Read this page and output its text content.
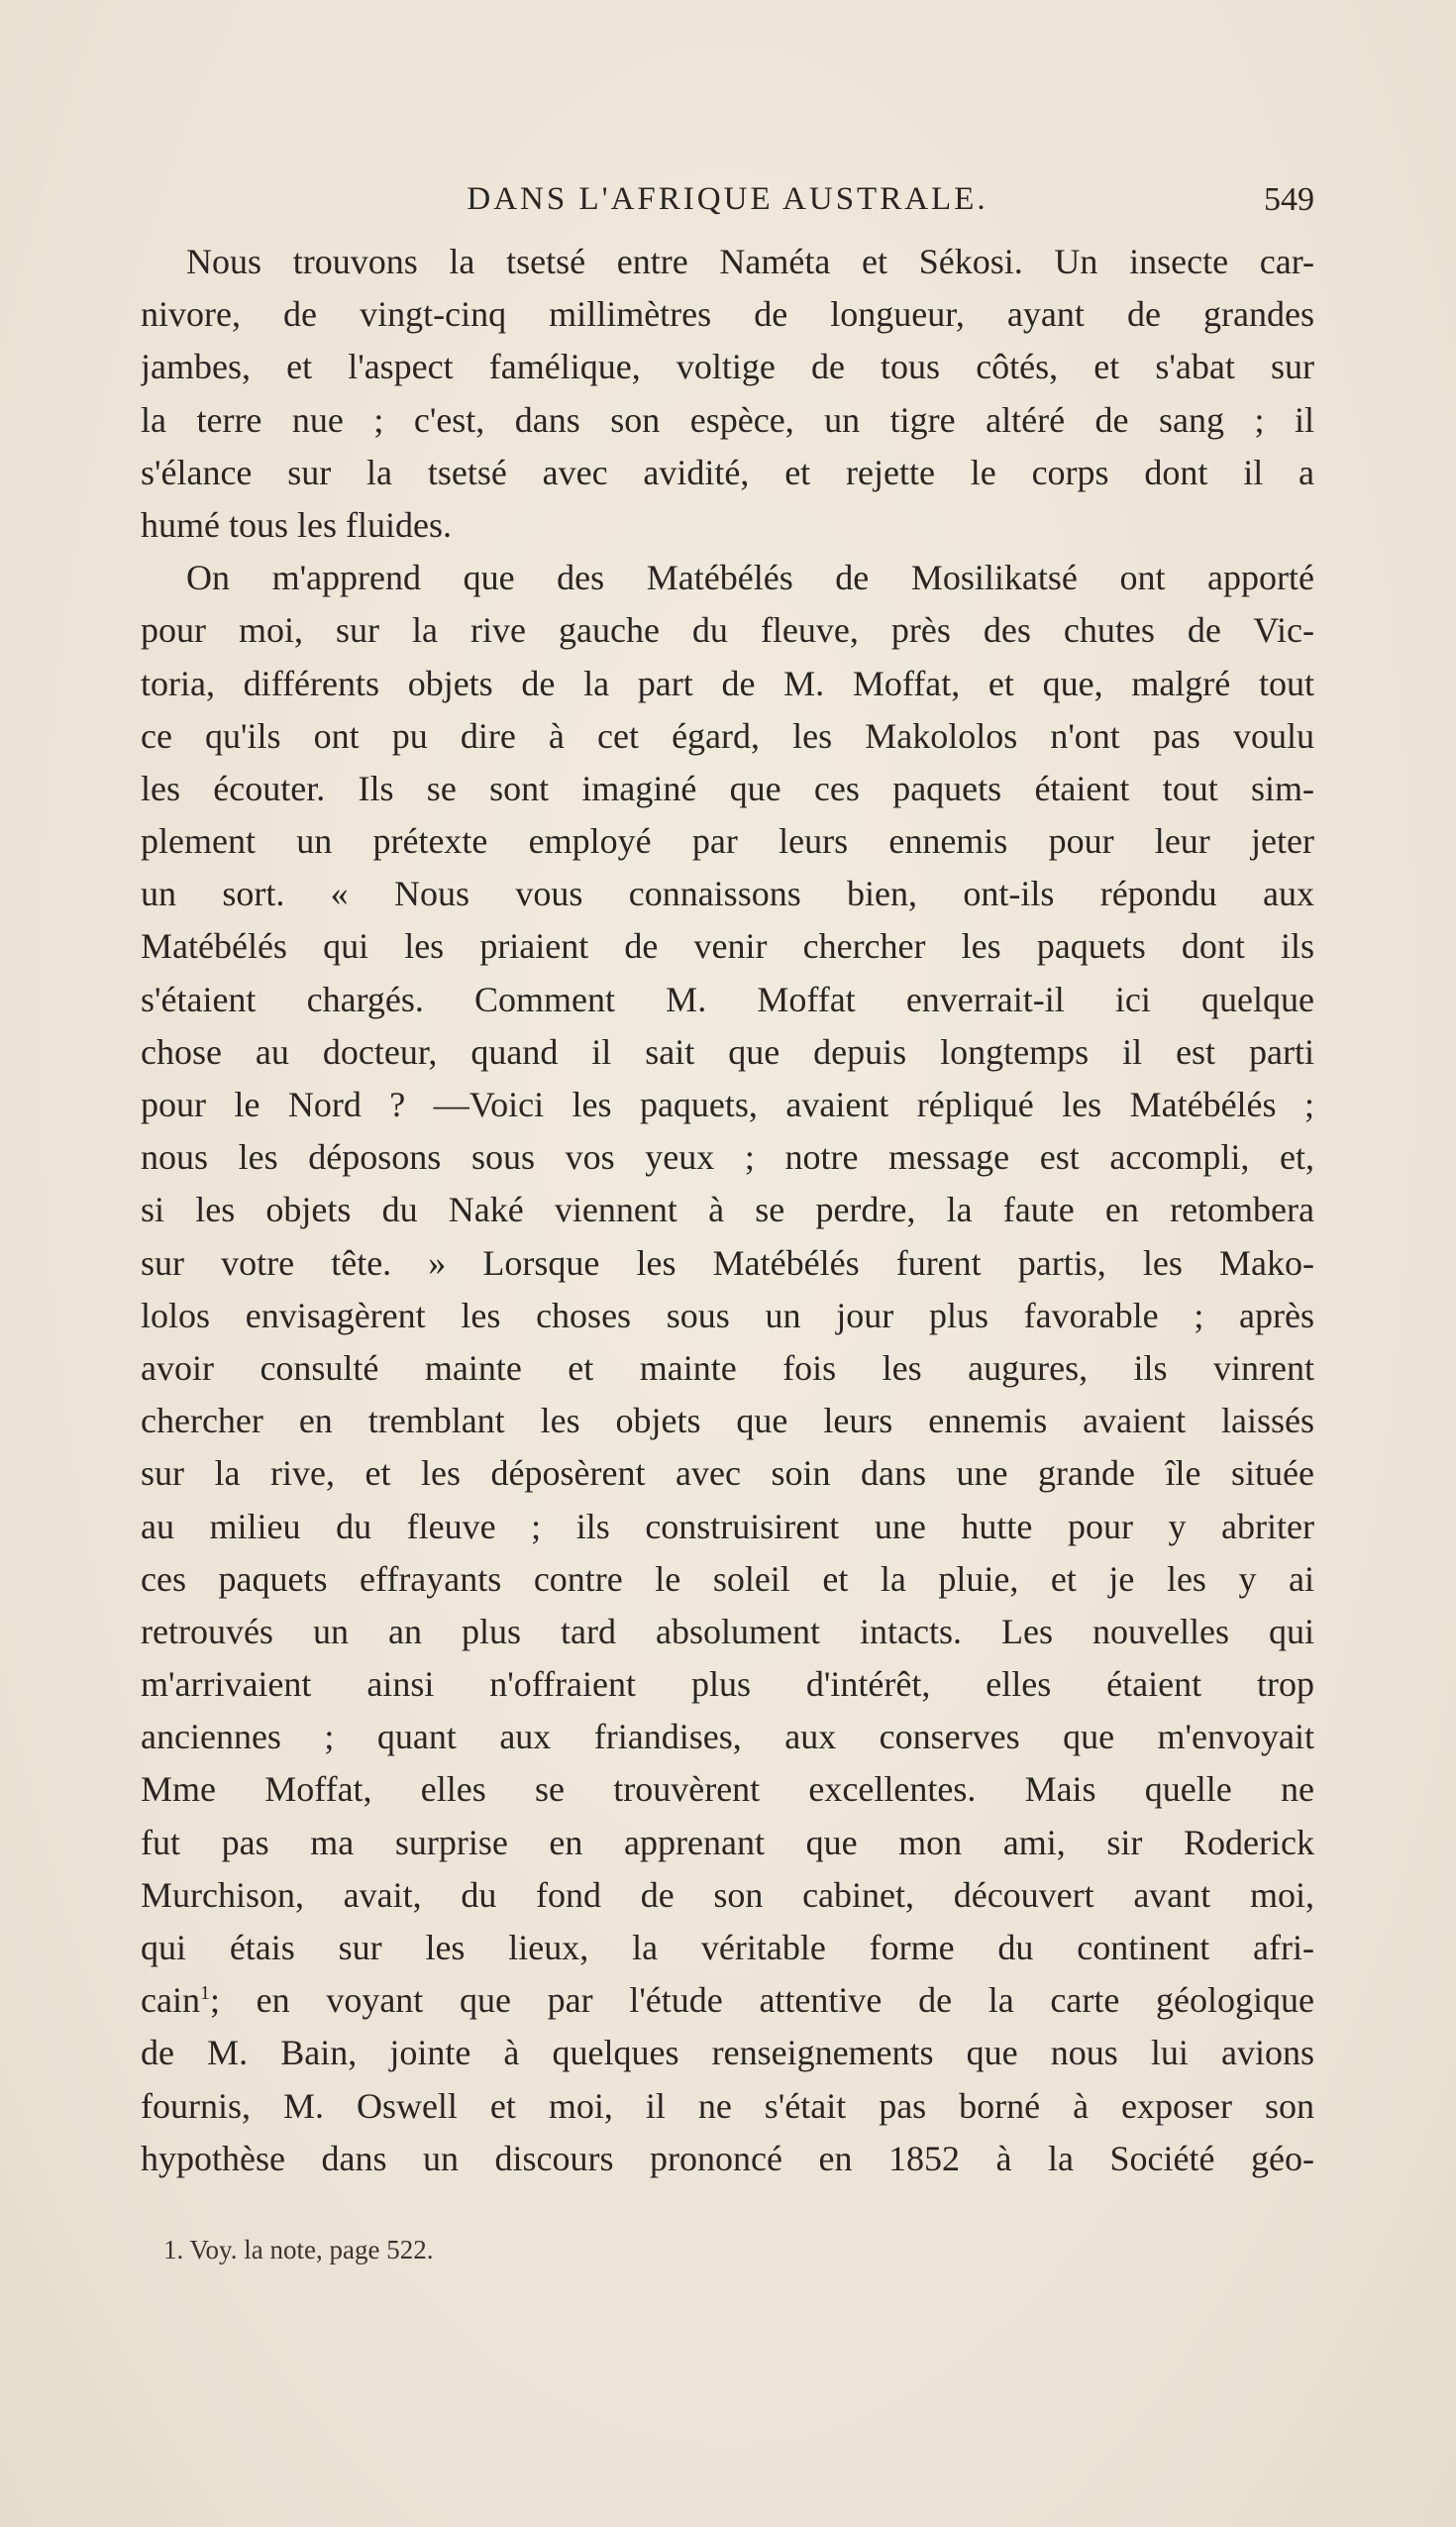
DANS L'AFRIQUE AUSTRALE.	549
Nous trouvons la tsetsé entre Naméta et Sékosi. Un insecte car-
nivore, de vingt-cinq millimètres de longueur, ayant de grandes
jambes, et l'aspect famélique, voltige de tous côtés, et s'abat sur
la terre nue ; c'est, dans son espèce, un tigre altéré de sang ; il
s'élance sur la tsetsé avec avidité, et rejette le corps dont il a
humé tous les fluides.
On m'apprend que des Matébélés de Mosilikatsé ont apporté
pour moi, sur la rive gauche du fleuve, près des chutes de Vic-
toria, différents objets de la part de M. Moffat, et que, malgré tout
ce qu'ils ont pu dire à cet égard, les Makololos n'ont pas voulu
les écouter. Ils se sont imaginé que ces paquets étaient tout sim-
plement un prétexte employé par leurs ennemis pour leur jeter
un sort. « Nous vous connaissons bien, ont-ils répondu aux
Matébélés qui les priaient de venir chercher les paquets dont ils
s'étaient chargés. Comment M. Moffat enverrait-il ici quelque
chose au docteur, quand il sait que depuis longtemps il est parti
pour le Nord ? —Voici les paquets, avaient répliqué les Matébélés ;
nous les déposons sous vos yeux ; notre message est accompli, et,
si les objets du Naké viennent à se perdre, la faute en retombera
sur votre tête. » Lorsque les Matébélés furent partis, les Mako-
lolos envisagèrent les choses sous un jour plus favorable ; après
avoir consulté mainte et mainte fois les augures, ils vinrent
chercher en tremblant les objets que leurs ennemis avaient laissés
sur la rive, et les déposèrent avec soin dans une grande île située
au milieu du fleuve ; ils construisirent une hutte pour y abriter
ces paquets effrayants contre le soleil et la pluie, et je les y ai
retrouvés un an plus tard absolument intacts. Les nouvelles qui
m'arrivaient ainsi n'offraient plus d'intérêt, elles étaient trop
anciennes ; quant aux friandises, aux conserves que m'envoyait
Mme Moffat, elles se trouvèrent excellentes. Mais quelle ne
fut pas ma surprise en apprenant que mon ami, sir Roderick
Murchison, avait, du fond de son cabinet, découvert avant moi,
qui étais sur les lieux, la véritable forme du continent afri-
cain$^1$; en voyant que par l'étude attentive de la carte géologique
de M. Bain, jointe à quelques renseignements que nous lui avions
fournis, M. Oswell et moi, il ne s'était pas borné à exposer son
hypothèse dans un discours prononcé en 1852 à la Société géo-
1. Voy. la note, page 522.
